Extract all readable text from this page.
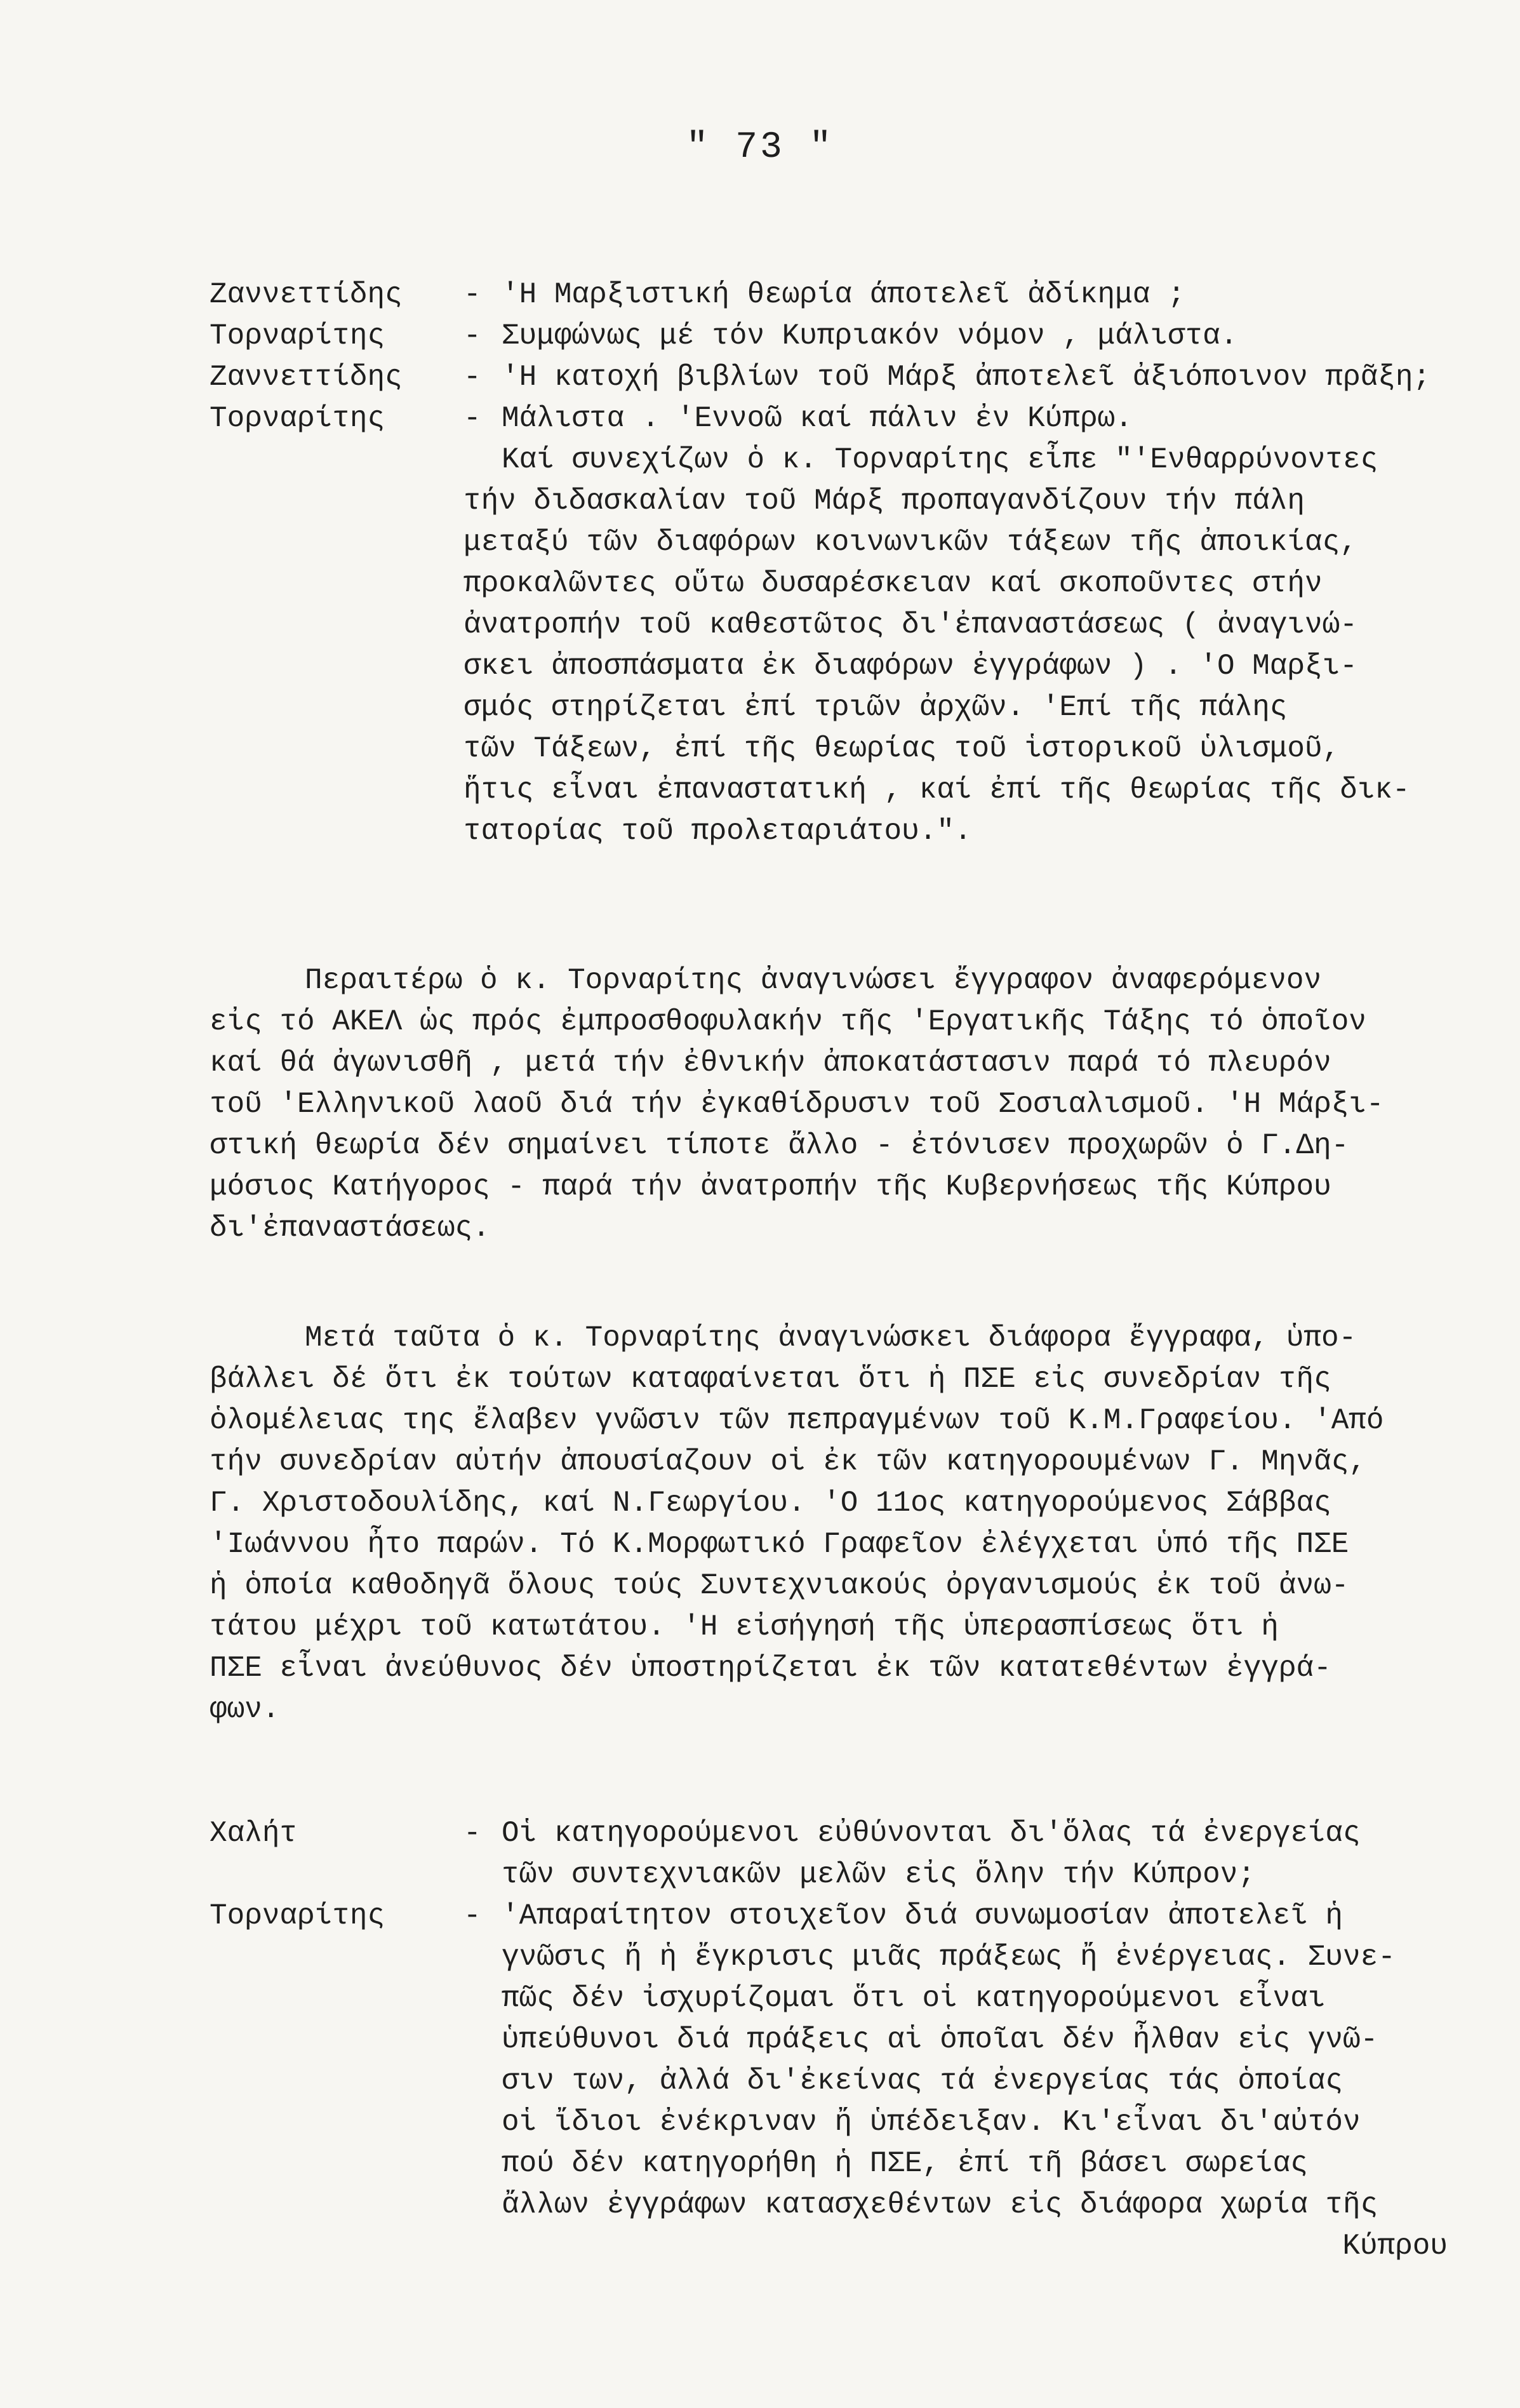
" 73 "
Ζαννεττίδης	- 'Η Μαρξιστική θεωρία άποτελεῖ ἀδίκημα ;
Τορναρίτης	- Συμφώνως μέ τόν Κυπριακόν νόμον , μάλιστα.
Ζαννεττίδης	- 'Η κατοχή βιβλίων τοῦ Μάρξ ἀποτελεῖ ἀξιόποινον πρᾶξη;
Τορναρίτης	- Μάλιστα . 'Εννοῶ καί πάλιν ἐν Κύπρω.
Καί συνεχίζων ὁ κ. Τορναρίτης εἶπε "'Ενθαρρύνοντες
τήν διδασκαλίαν τοῦ Μάρξ προπαγανδίζουν τήν πάλη
μεταξύ τῶν διαφόρων κοινωνικῶν τάξεων τῆς ἀποικίας,
προκαλῶντες οὕτω δυσαρέσκειαν καί σκοποῦντες στήν
ἀνατροπήν τοῦ καθεστῶτος δι'ἐπαναστάσεως ( ἀναγινώ-
σκει ἀποσπάσματα ἐκ διαφόρων ἐγγράφων ) . 'Ο Μαρξι-
σμός στηρίζεται ἐπί τριῶν ἀρχῶν. 'Επί τῆς πάλης
τῶν Τάξεων, ἐπί τῆς θεωρίας τοῦ ἱστορικοῦ ὑλισμοῦ,
ἥτις εἶναι ἐπαναστατική , καί ἐπί τῆς θεωρίας τῆς δικ-
τατορίας τοῦ προλεταριάτου.".
Περαιτέρω ὁ κ. Τορναρίτης ἀναγινώσει ἔγγραφον ἀναφερόμενον
εἰς τό ΑΚΕΛ ὡς πρός ἐμπροσθοφυλακήν τῆς 'Εργατικῆς Τάξης τό ὁποῖον
καί θά ἀγωνισθῆ , μετά τήν ἐθνικήν ἀποκατάστασιν παρά τό πλευρόν
τοῦ 'Ελληνικοῦ λαοῦ διά τήν ἐγκαθίδρυσιν τοῦ Σοσιαλισμοῦ. 'Η Μάρξι-
στική θεωρία δέν σημαίνει τίποτε ἄλλο - ἐτόνισεν προχωρῶν ὁ Γ.Δη-
μόσιος Κατήγορος - παρά τήν ἀνατροπήν τῆς Κυβερνήσεως τῆς Κύπρου
δι'ἐπαναστάσεως.
Μετά ταῦτα ὁ κ. Τορναρίτης ἀναγινώσκει διάφορα ἔγγραφα, ὑπο-
βάλλει δέ ὅτι ἐκ τούτων καταφαίνεται ὅτι ἡ ΠΣΕ εἰς συνεδρίαν τῆς
ὁλομέλειας της ἔλαβεν γνῶσιν τῶν πεπραγμένων τοῦ Κ.Μ.Γραφείου. 'Από
τήν συνεδρίαν αὐτήν ἀπουσίαζουν οἱ ἐκ τῶν κατηγορουμένων Γ. Μηνᾶς,
Γ. Χριστοδουλίδης, καί Ν.Γεωργίου. 'Ο 11ος κατηγορούμενος Σάββας
'Ιωάννου ἦτο παρών. Τό Κ.Μορφωτικό Γραφεῖον ἐλέγχεται ὑπό τῆς ΠΣΕ
ἡ ὁποία καθοδηγᾶ ὅλους τούς Συντεχνιακούς ὀργανισμούς ἐκ τοῦ ἀνω-
τάτου μέχρι τοῦ κατωτάτου. 'Η εἰσήγησή τῆς ὑπερασπίσεως ὅτι ἡ
ΠΣΕ εἶναι ἀνεύθυνος δέν ὑποστηρίζεται ἐκ τῶν κατατεθέντων ἐγγρά-
φων.
Χαλήτ	- Οἱ κατηγορούμενοι εὐθύνονται δι'ὅλας τά ἐνεργείας
τῶν συντεχνιακῶν μελῶν εἰς ὅλην τήν Κύπρον;
Τορναρίτης	- 'Απαραίτητον στοιχεῖον διά συνωμοσίαν ἀποτελεῖ ἡ
γνῶσις ἤ ἡ ἔγκρισις μιᾶς πράξεως ἤ ἐνέργειας. Συνε-
πῶς δέν ἰσχυρίζομαι ὅτι οἱ κατηγορούμενοι εἶναι
ὑπεύθυνοι διά πράξεις αἱ ὁποῖαι δέν ἦλθαν εἰς γνῶ-
σιν των, ἀλλά δι'ἐκείνας τά ἐνεργείας τάς ὁποίας
οἱ ἴδιοι ἐνέκριναν ἤ ὑπέδειξαν. Κι'εἶναι δι'αὐτόν
πού δέν κατηγορήθη ἡ ΠΣΕ, ἐπί τῆ βάσει σωρείας
ἄλλων ἐγγράφων κατασχεθέντων εἰς διάφορα χωρία τῆς
Κύπρου
